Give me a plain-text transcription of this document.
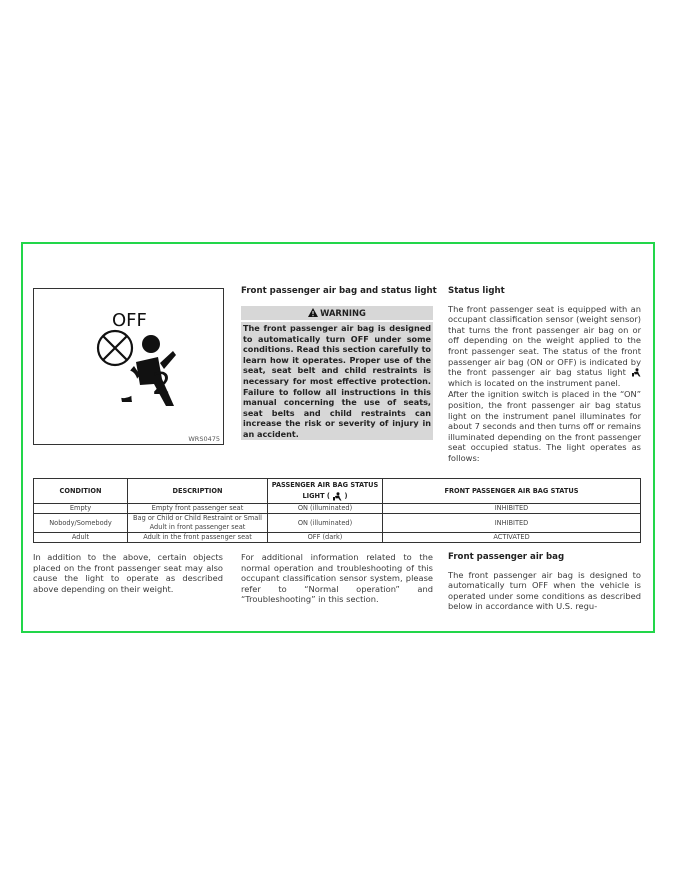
OFF
2
WRS0475

Front passenger air bag and status light

WARNING
The front passenger air bag is designed to automatically turn OFF under some conditions. Read this section carefully to learn how it operates. Proper use of the seat, seat belt and child restraints is necessary for most effective protection. Failure to follow all instructions in this manual concerning the use of seats, seat belts and child restraints can increase the risk or severity of injury in an accident.

Status light

The front passenger seat is equipped with an occupant classification sensor (weight sensor) that turns the front passenger air bag on or off depending on the weight applied to the front passenger seat. The status of the front passenger air bag (ON or OFF) is indicated by the front passenger air bag status light  which is located on the instrument panel.
After the ignition switch is placed in the “ON” position, the front passenger air bag status light on the instrument panel illuminates for about 7 seconds and then turns off or remains illuminated depending on the front passenger seat occupied status. The light operates as follows:
CONDITION	DESCRIPTION	PASSENGER AIR BAG STATUS LIGHT ( )	FRONT PASSENGER AIR BAG STATUS
Empty	Empty front passenger seat	ON (illuminated)	INHIBITED
Nobody/Somebody	Bag or Child or Child Restraint or Small Adult in front passenger seat	ON (illuminated)	INHIBITED
Adult	Adult in the front passenger seat	OFF (dark)	ACTIVATED
In addition to the above, certain objects placed on the front passenger seat may also cause the light to operate as described above depending on their weight.
For additional information related to the normal operation and troubleshooting of this occupant classification sensor system, please refer to “Normal operation” and “Troubleshooting” in this section.

Front passenger air bag

The front passenger air bag is designed to automatically turn OFF when the vehicle is operated under some conditions as described below in accordance with U.S. regu-
